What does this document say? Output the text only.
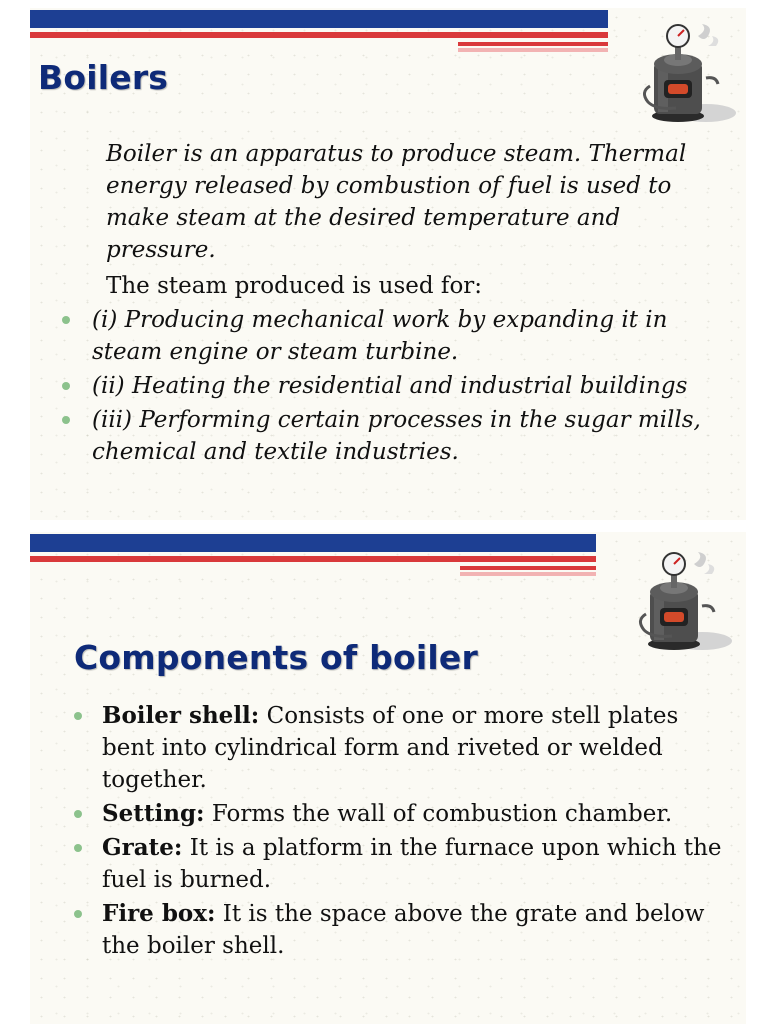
Boilers

Boiler is an apparatus to produce steam. Thermal energy released by combustion of fuel is used to make steam at the desired temperature and pressure.

The steam produced is used for:

(i) Producing mechanical work by expanding it in steam engine or steam turbine.
(ii) Heating the residential and industrial buildings
(iii) Performing certain processes in the sugar mills, chemical and textile industries.
Components of boiler
Boiler shell: Consists of one or more stell plates bent into cylindrical form and riveted or welded together.
Setting: Forms the wall of combustion chamber.
Grate: It is a platform in the furnace upon which the fuel is burned.
Fire box: It is the space above the grate and below the boiler shell.
